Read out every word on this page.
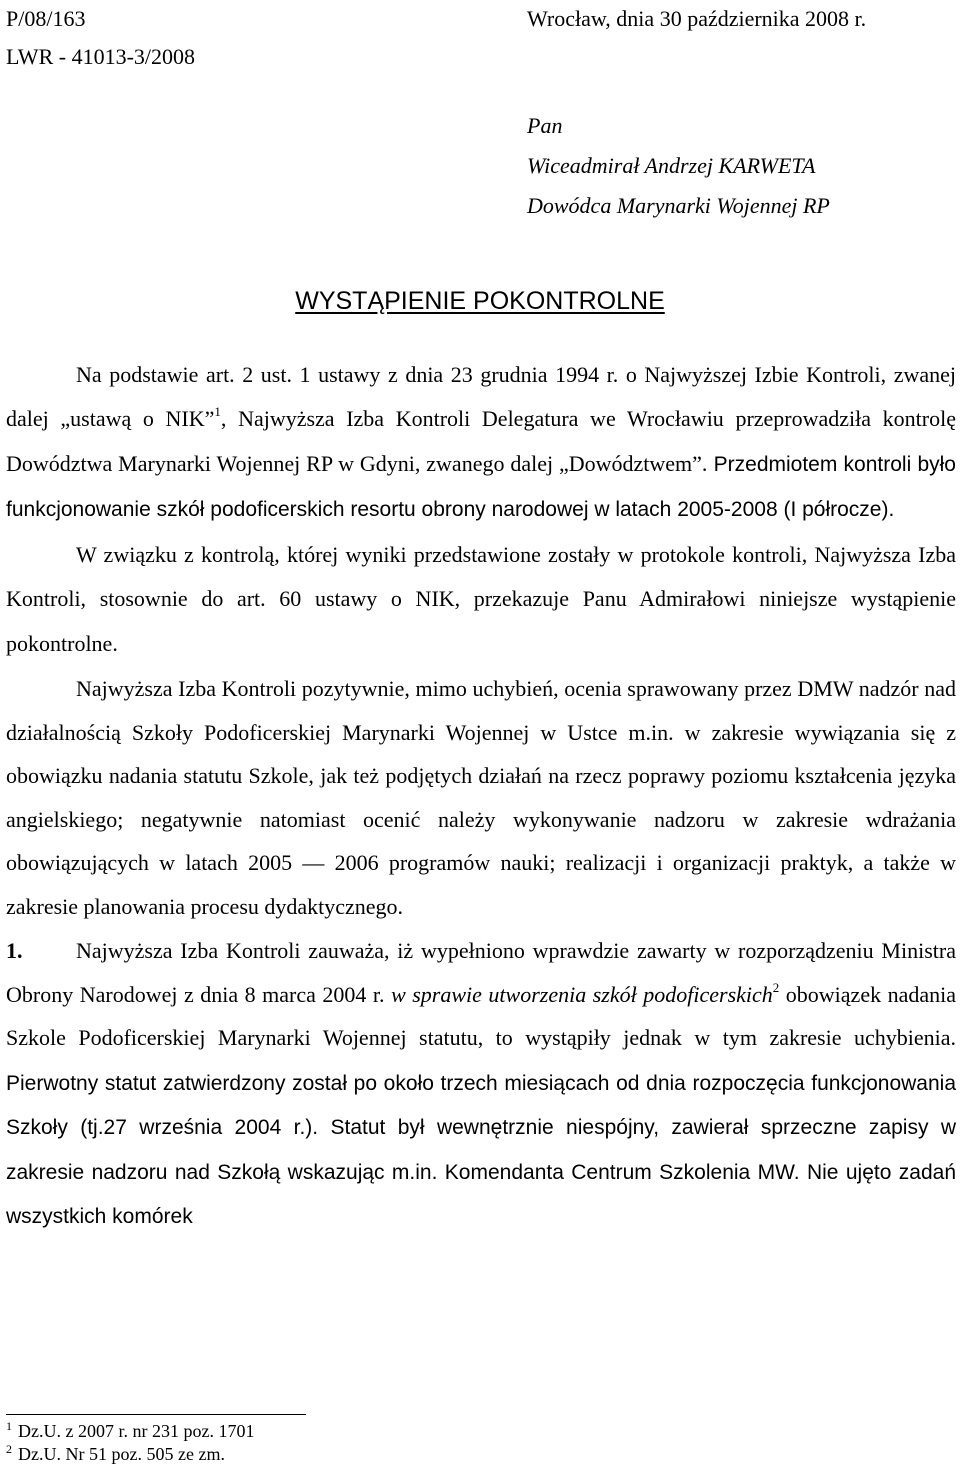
P/08/163
LWR - 41013-3/2008
Wrocław, dnia 30 października 2008 r.
Pan
Wiceadmirał Andrzej KARWETA
Dowódca Marynarki Wojennej RP
WYSTĄPIENIE POKONTROLNE

Na podstawie art. 2 ust. 1 ustawy z dnia 23 grudnia 1994 r. o Najwyższej Izbie Kontroli, zwanej dalej „ustawą o NIK”$^1$, Najwyższa Izba Kontroli Delegatura we Wrocławiu przeprowadziła kontrolę Dowództwa Marynarki Wojennej RP w Gdyni, zwanego dalej „Dowództwem”. Przedmiotem kontroli było funkcjonowanie szkół podoficerskich resortu obrony narodowej w latach 2005-2008 (I półrocze).

W związku z kontrolą, której wyniki przedstawione zostały w protokole kontroli, Najwyższa Izba Kontroli, stosownie do art. 60 ustawy o NIK, przekazuje Panu Admirałowi niniejsze wystąpienie pokontrolne.

Najwyższa Izba Kontroli pozytywnie, mimo uchybień, ocenia sprawowany przez DMW nadzór nad działalnością Szkoły Podoficerskiej Marynarki Wojennej w Ustce m.in. w zakresie wywiązania się z obowiązku nadania statutu Szkole, jak też podjętych działań na rzecz poprawy poziomu kształcenia języka angielskiego; negatywnie natomiast ocenić należy wykonywanie nadzoru w zakresie wdrażania obowiązujących w latach 2005 — 2006 programów nauki; realizacji i organizacji praktyk, a także w zakresie planowania procesu dydaktycznego.

1. Najwyższa Izba Kontroli zauważa, iż wypełniono wprawdzie zawarty w rozporządzeniu Ministra Obrony Narodowej z dnia 8 marca 2004 r. w sprawie utworzenia szkół podoficerskich$^2$ obowiązek nadania Szkole Podoficerskiej Marynarki Wojennej statutu, to wystąpiły jednak w tym zakresie uchybienia. Pierwotny statut zatwierdzony został po około trzech miesiącach od dnia rozpoczęcia funkcjonowania Szkoły (tj.27 września 2004 r.). Statut był wewnętrznie niespójny, zawierał sprzeczne zapisy w zakresie nadzoru nad Szkołą wskazując m.in. Komendanta Centrum Szkolenia MW. Nie ujęto zadań wszystkich komórek

$^1$ Dz.U. z 2007 r. nr 231 poz. 1701
$^2$ Dz.U. Nr 51 poz. 505 ze zm.
